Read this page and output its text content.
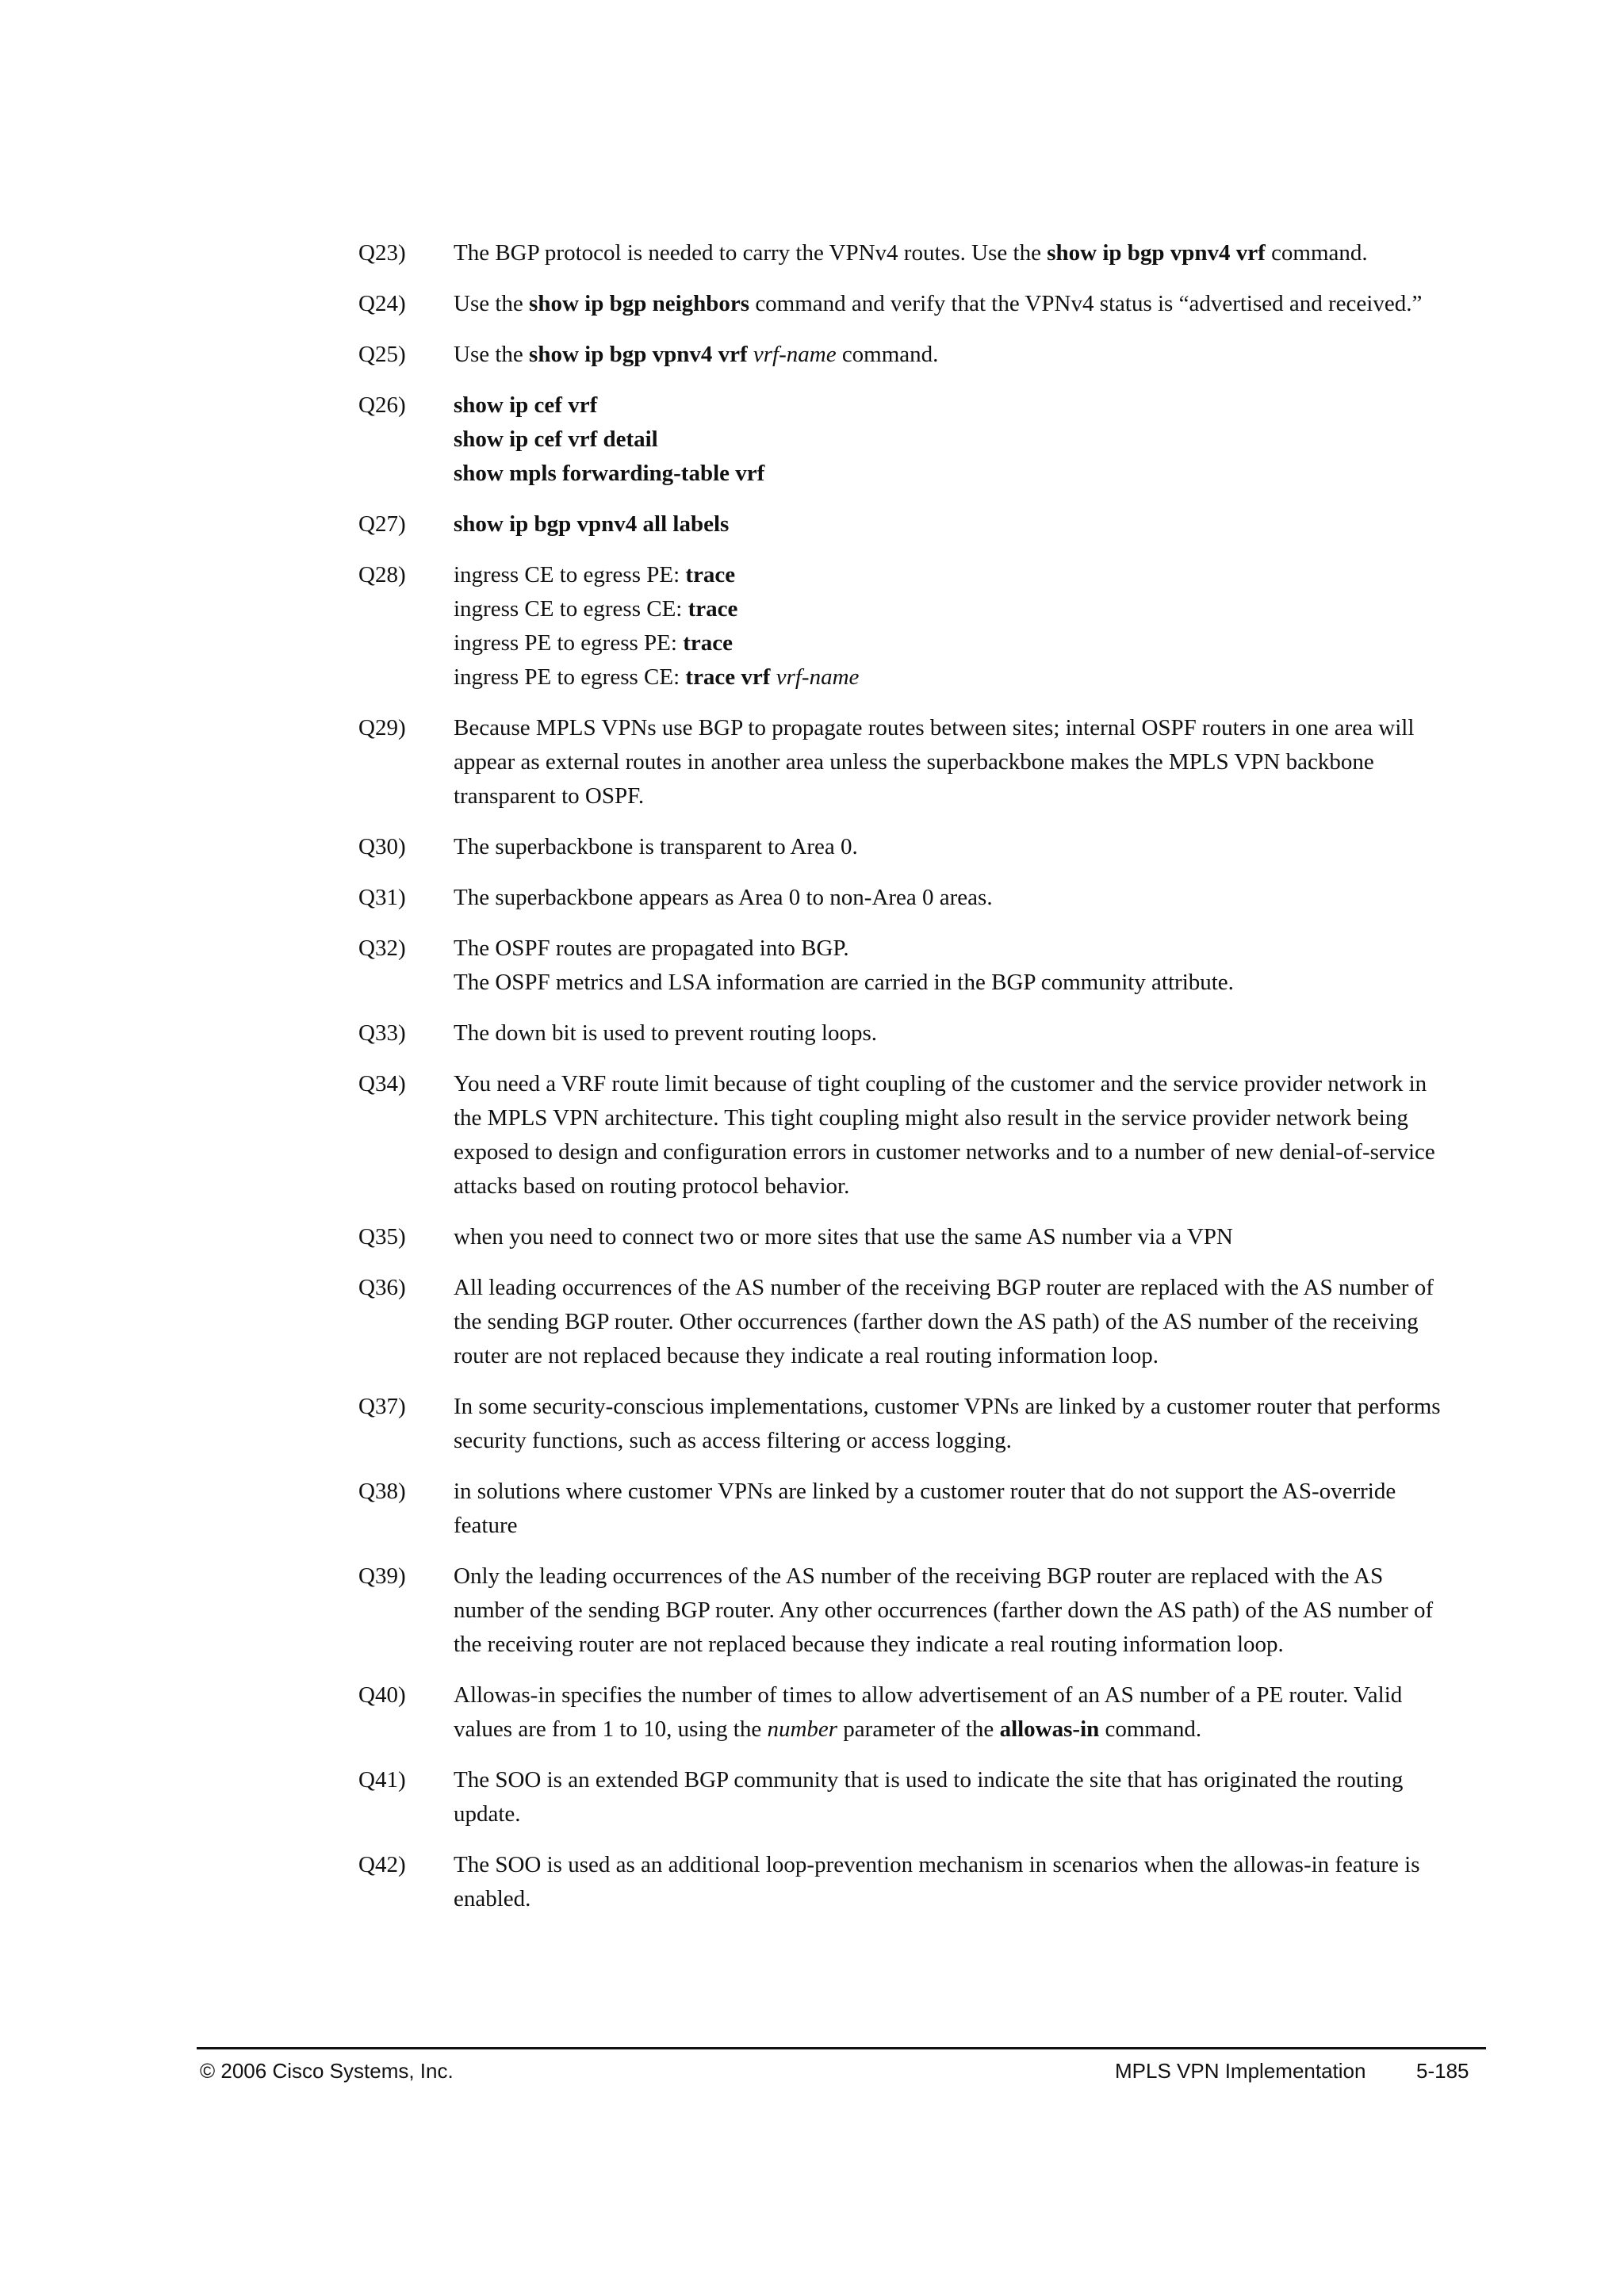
Q23)	The BGP protocol is needed to carry the VPNv4 routes. Use the show ip bgp vpnv4 vrf command.
Q24)	Use the show ip bgp neighbors command and verify that the VPNv4 status is “advertised and received.”
Q25)	Use the show ip bgp vpnv4 vrf vrf-name command.
Q26)	show ip cef vrf
show ip cef vrf detail
show mpls forwarding-table vrf
Q27)	show ip bgp vpnv4 all labels
Q28)	ingress CE to egress PE: trace
ingress CE to egress CE: trace
ingress PE to egress PE: trace
ingress PE to egress CE: trace vrf vrf-name
Q29)	Because MPLS VPNs use BGP to propagate routes between sites; internal OSPF routers in one area will
appear as external routes in another area unless the superbackbone makes the MPLS VPN backbone
transparent to OSPF.
Q30)	The superbackbone is transparent to Area 0.
Q31)	The superbackbone appears as Area 0 to non-Area 0 areas.
Q32)	The OSPF routes are propagated into BGP.
The OSPF metrics and LSA information are carried in the BGP community attribute.
Q33)	The down bit is used to prevent routing loops.
Q34)	You need a VRF route limit because of tight coupling of the customer and the service provider network in
the MPLS VPN architecture. This tight coupling might also result in the service provider network being
exposed to design and configuration errors in customer networks and to a number of new denial-of-service
attacks based on routing protocol behavior.
Q35)	when you need to connect two or more sites that use the same AS number via a VPN
Q36)	All leading occurrences of the AS number of the receiving BGP router are replaced with the AS number of
the sending BGP router. Other occurrences (farther down the AS path) of the AS number of the receiving
router are not replaced because they indicate a real routing information loop.
Q37)	In some security-conscious implementations, customer VPNs are linked by a customer router that performs
security functions, such as access filtering or access logging.
Q38)	in solutions where customer VPNs are linked by a customer router that do not support the AS-override
feature
Q39)	Only the leading occurrences of the AS number of the receiving BGP router are replaced with the AS
number of the sending BGP router. Any other occurrences (farther down the AS path) of the AS number of
the receiving router are not replaced because they indicate a real routing information loop.
Q40)	Allowas-in specifies the number of times to allow advertisement of an AS number of a PE router. Valid
values are from 1 to 10, using the number parameter of the allowas-in command.
Q41)	The SOO is an extended BGP community that is used to indicate the site that has originated the routing
update.
Q42)	The SOO is used as an additional loop-prevention mechanism in scenarios when the allowas-in feature is
enabled.
© 2006 Cisco Systems, Inc.	MPLS VPN Implementation 5-185
